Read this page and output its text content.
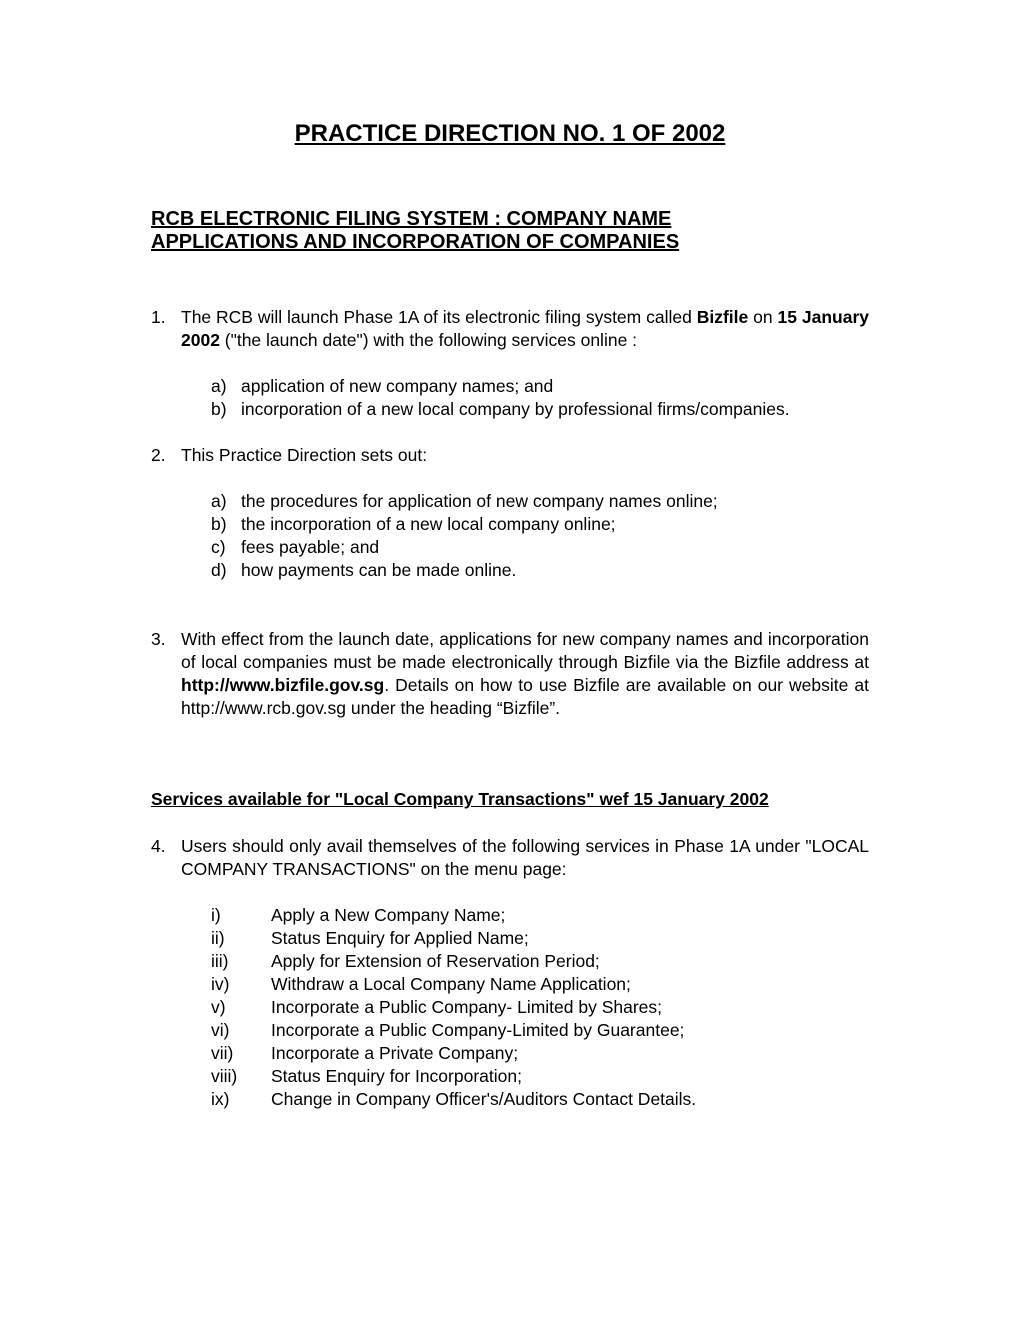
PRACTICE DIRECTION NO. 1 OF 2002
RCB ELECTRONIC FILING SYSTEM : COMPANY NAME
APPLICATIONS AND INCORPORATION OF COMPANIES
1. The RCB will launch Phase 1A of its electronic filing system called Bizfile on 15 January 2002 ("the launch date") with the following services online :
a) application of new company names; and
b) incorporation of a new local company by professional firms/companies.
2. This Practice Direction sets out:
a) the procedures for application of new company names online;
b) the incorporation of a new local company online;
c) fees payable; and
d) how payments can be made online.
3. With effect from the launch date, applications for new company names and incorporation of local companies must be made electronically through Bizfile via the Bizfile address at http://www.bizfile.gov.sg. Details on how to use Bizfile are available on our website at http://www.rcb.gov.sg under the heading “Bizfile”.
Services available for "Local Company Transactions" wef 15 January 2002
4. Users should only avail themselves of the following services in Phase 1A under "LOCAL COMPANY TRANSACTIONS" on the menu page:
i)	Apply a New Company Name;
ii)	Status Enquiry for Applied Name;
iii) Apply for Extension of Reservation Period;
iv) Withdraw a Local Company Name Application;
v)	Incorporate a Public Company- Limited by Shares;
vi) Incorporate a Public Company-Limited by Guarantee;
vii) Incorporate a Private Company;
viii) Status Enquiry for Incorporation;
ix) Change in Company Officer's/Auditors Contact Details.
